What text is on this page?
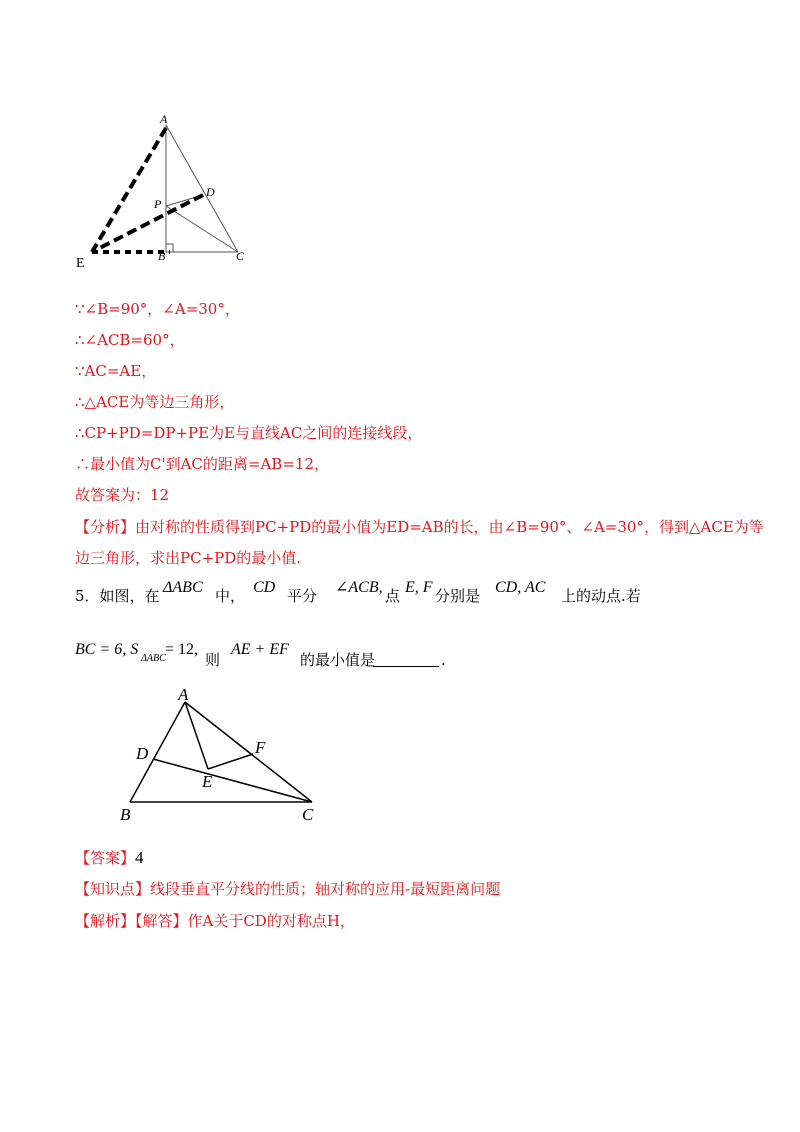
A
D
P
E	B	C
∵∠B=90°，∠A=30°，
∴∠ACB=60°，
∵AC=AE，
∴△ACE为等边三角形，
∴CP+PD=DP+PE为E与直线AC之间的连接线段，
∴最小值为C'到AC的距离=AB=12，
故答案为：12
【分析】由对称的性质得到PC+PD的最小值为ED=AB的长，由∠B=90°、∠A=30°，得到△ACE为等
边三角形，求出PC+PD的最小值.
5．如图，在 ΔABC 中， CD 平分 ∠ACB, 点 E, F 分别是 CD, AC 上的动点.若
BC = 6, S
ΔABC
= 12,
则
AE + EF
的最小值是	.
A
D	F
E
B	C
【答案】4
【知识点】线段垂直平分线的性质；轴对称的应用-最短距离问题
【解析】【解答】作A关于CD的对称点H，
